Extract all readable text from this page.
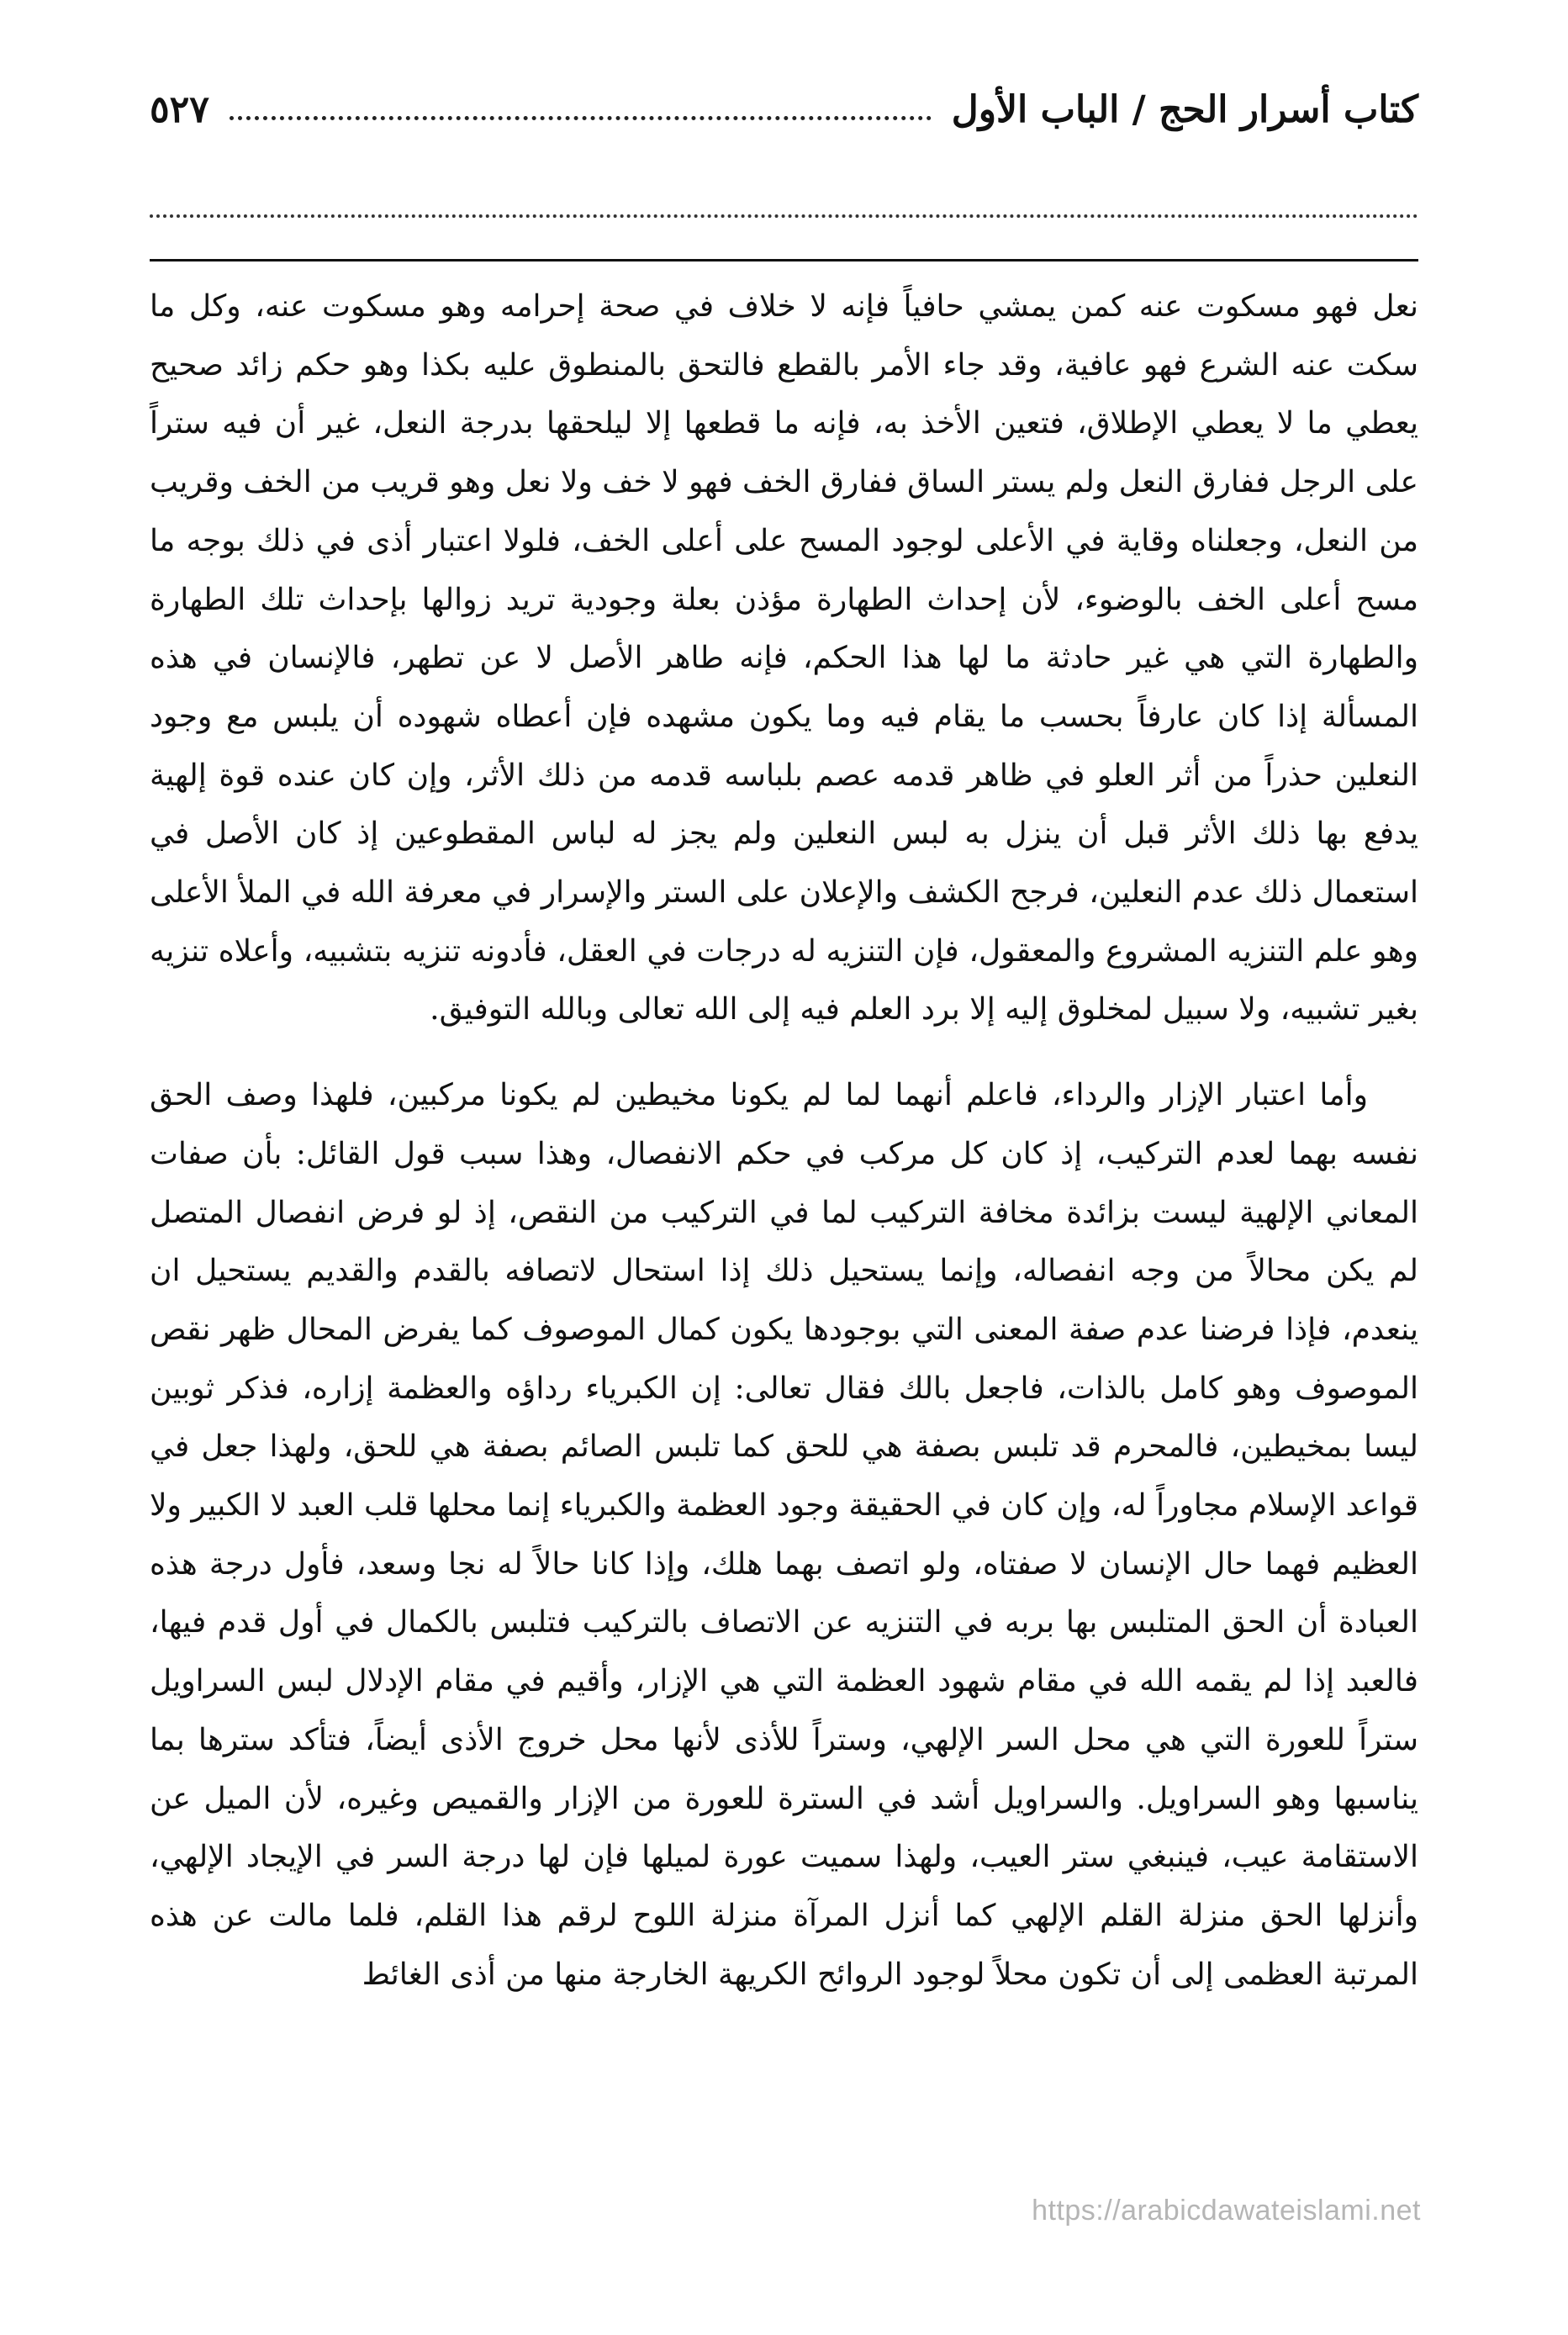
كتاب أسرار الحج / الباب الأول
٥٢٧

نعل فهو مسكوت عنه كمن يمشي حافياً فإنه لا خلاف في صحة إحرامه وهو مسكوت عنه، وكل ما سكت عنه الشرع فهو عافية، وقد جاء الأمر بالقطع فالتحق بالمنطوق عليه بكذا وهو حكم زائد صحيح يعطي ما لا يعطي الإطلاق، فتعين الأخذ به، فإنه ما قطعها إلا ليلحقها بدرجة النعل، غير أن فيه ستراً على الرجل ففارق النعل ولم يستر الساق ففارق الخف فهو لا خف ولا نعل وهو قريب من الخف وقريب من النعل، وجعلناه وقاية في الأعلى لوجود المسح على أعلى الخف، فلولا اعتبار أذى في ذلك بوجه ما مسح أعلى الخف بالوضوء، لأن إحداث الطهارة مؤذن بعلة وجودية تريد زوالها بإحداث تلك الطهارة والطهارة التي هي غير حادثة ما لها هذا الحكم، فإنه طاهر الأصل لا عن تطهر، فالإنسان في هذه المسألة إذا كان عارفاً بحسب ما يقام فيه وما يكون مشهده فإن أعطاه شهوده أن يلبس مع وجود النعلين حذراً من أثر العلو في ظاهر قدمه عصم بلباسه قدمه من ذلك الأثر، وإن كان عنده قوة إلهية يدفع بها ذلك الأثر قبل أن ينزل به لبس النعلين ولم يجز له لباس المقطوعين إذ كان الأصل في استعمال ذلك عدم النعلين، فرجح الكشف والإعلان على الستر والإسرار في معرفة الله في الملأ الأعلى وهو علم التنزيه المشروع والمعقول، فإن التنزيه له درجات في العقل، فأدونه تنزيه بتشبيه، وأعلاه تنزيه بغير تشبيه، ولا سبيل لمخلوق إليه إلا برد العلم فيه إلى الله تعالى وبالله التوفيق.

وأما اعتبار الإزار والرداء، فاعلم أنهما لما لم يكونا مخيطين لم يكونا مركبين، فلهذا وصف الحق نفسه بهما لعدم التركيب، إذ كان كل مركب في حكم الانفصال، وهذا سبب قول القائل: بأن صفات المعاني الإلهية ليست بزائدة مخافة التركيب لما في التركيب من النقص، إذ لو فرض انفصال المتصل لم يكن محالاً من وجه انفصاله، وإنما يستحيل ذلك إذا استحال لاتصافه بالقدم والقديم يستحيل ان ينعدم، فإذا فرضنا عدم صفة المعنى التي بوجودها يكون كمال الموصوف كما يفرض المحال ظهر نقص الموصوف وهو كامل بالذات، فاجعل بالك فقال تعالى: إن الكبرياء رداؤه والعظمة إزاره، فذكر ثوبين ليسا بمخيطين، فالمحرم قد تلبس بصفة هي للحق كما تلبس الصائم بصفة هي للحق، ولهذا جعل في قواعد الإسلام مجاوراً له، وإن كان في الحقيقة وجود العظمة والكبرياء إنما محلها قلب العبد لا الكبير ولا العظيم فهما حال الإنسان لا صفتاه، ولو اتصف بهما هلك، وإذا كانا حالاً له نجا وسعد، فأول درجة هذه العبادة أن الحق المتلبس بها بربه في التنزيه عن الاتصاف بالتركيب فتلبس بالكمال في أول قدم فيها، فالعبد إذا لم يقمه الله في مقام شهود العظمة التي هي الإزار، وأقيم في مقام الإدلال لبس السراويل ستراً للعورة التي هي محل السر الإلهي، وستراً للأذى لأنها محل خروج الأذى أيضاً، فتأكد سترها بما يناسبها وهو السراويل. والسراويل أشد في السترة للعورة من الإزار والقميص وغيره، لأن الميل عن الاستقامة عيب، فينبغي ستر العيب، ولهذا سميت عورة لميلها فإن لها درجة السر في الإيجاد الإلهي، وأنزلها الحق منزلة القلم الإلهي كما أنزل المرآة منزلة اللوح لرقم هذا القلم، فلما مالت عن هذه المرتبة العظمى إلى أن تكون محلاً لوجود الروائح الكريهة الخارجة منها من أذى الغائط

https://arabicdawateislami.net
